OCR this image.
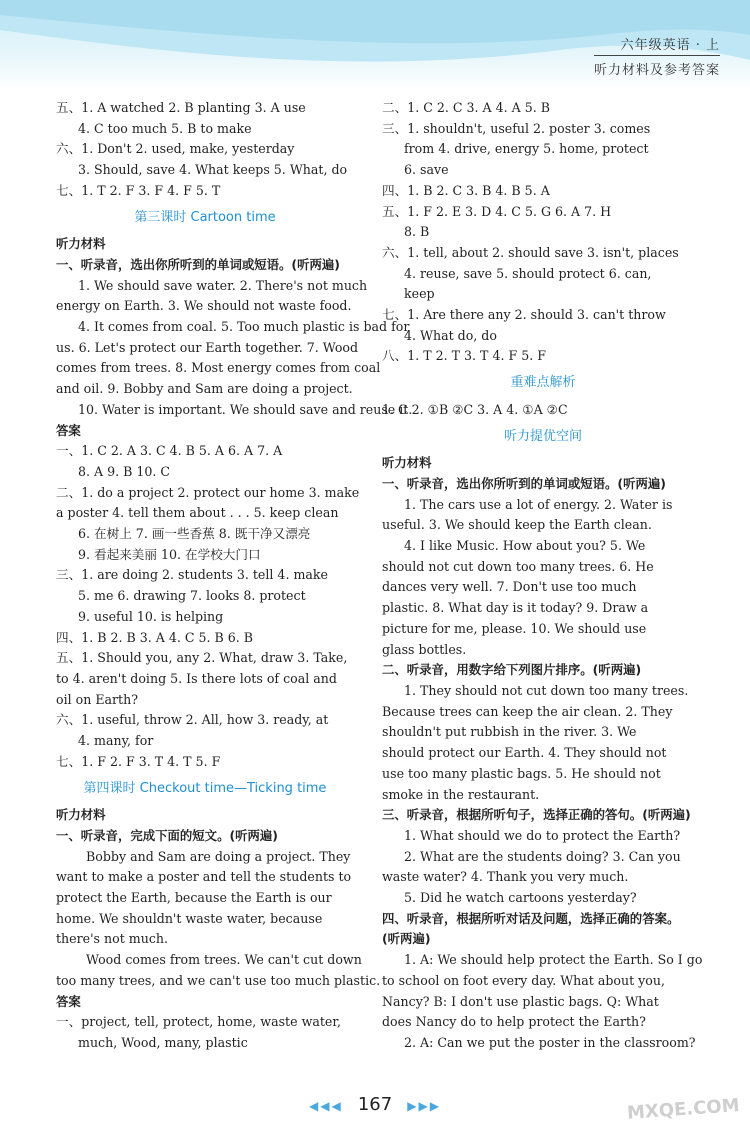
六年级英语 · 上
听力材料及参考答案
五、1. A watched 2. B planting 3. A use
4. C too much 5. B to make
六、1. Don't 2. used, make, yesterday
3. Should, save 4. What keeps 5. What, do
七、1. T 2. F 3. F 4. F 5. T
第三课时 Cartoon time
听力材料
一、听录音，选出你所听到的单词或短语。(听两遍)
1. We should save water. 2. There's not much
energy on Earth. 3. We should not waste food.
4. It comes from coal. 5. Too much plastic is bad for
us. 6. Let's protect our Earth together. 7. Wood
comes from trees. 8. Most energy comes from coal
and oil. 9. Bobby and Sam are doing a project.
10. Water is important. We should save and reuse it.
答案
一、1. C 2. A 3. C 4. B 5. A 6. A 7. A
8. A 9. B 10. C
二、1. do a project 2. protect our home 3. make
a poster 4. tell them about . . . 5. keep clean
6. 在树上 7. 画一些香蕉 8. 既干净又漂亮
9. 看起来美丽 10. 在学校大门口
三、1. are doing 2. students 3. tell 4. make
5. me 6. drawing 7. looks 8. protect
9. useful 10. is helping
四、1. B 2. B 3. A 4. C 5. B 6. B
五、1. Should you, any 2. What, draw 3. Take,
to 4. aren't doing 5. Is there lots of coal and
oil on Earth?
六、1. useful, throw 2. All, how 3. ready, at
4. many, for
七、1. F 2. F 3. T 4. T 5. F
第四课时 Checkout time—Ticking time
听力材料
一、听录音，完成下面的短文。(听两遍)
Bobby and Sam are doing a project. They
want to make a poster and tell the students to
protect the Earth, because the Earth is our
home. We shouldn't waste water, because
there's not much.
Wood comes from trees. We can't cut down
too many trees, and we can't use too much plastic.
答案
一、project, tell, protect, home, waste water,
much, Wood, many, plastic
二、1. C 2. C 3. A 4. A 5. B
三、1. shouldn't, useful 2. poster 3. comes
from 4. drive, energy 5. home, protect
6. save
四、1. B 2. C 3. B 4. B 5. A
五、1. F 2. E 3. D 4. C 5. G 6. A 7. H
8. B
六、1. tell, about 2. should save 3. isn't, places
4. reuse, save 5. should protect 6. can,
keep
七、1. Are there any 2. should 3. can't throw
4. What do, do
八、1. T 2. T 3. T 4. F 5. F
重难点解析
1. C 2. ①B ②C 3. A 4. ①A ②C
听力提优空间
听力材料
一、听录音，选出你所听到的单词或短语。(听两遍)
1. The cars use a lot of energy. 2. Water is
useful. 3. We should keep the Earth clean.
4. I like Music. How about you? 5. We
should not cut down too many trees. 6. He
dances very well. 7. Don't use too much
plastic. 8. What day is it today? 9. Draw a
picture for me, please. 10. We should use
glass bottles.
二、听录音，用数字给下列图片排序。(听两遍)
1. They should not cut down too many trees.
Because trees can keep the air clean. 2. They
shouldn't put rubbish in the river. 3. We
should protect our Earth. 4. They should not
use too many plastic bags. 5. He should not
smoke in the restaurant.
三、听录音，根据所听句子，选择正确的答句。(听两遍)
1. What should we do to protect the Earth?
2. What are the students doing? 3. Can you
waste water? 4. Thank you very much.
5. Did he watch cartoons yesterday?
四、听录音，根据所听对话及问题，选择正确的答案。
(听两遍)
1. A: We should help protect the Earth. So I go
to school on foot every day. What about you,
Nancy? B: I don't use plastic bags. Q: What
does Nancy do to help protect the Earth?
2. A: Can we put the poster in the classroom?
◀◀◀ 167 ▶▶▶	MXQE.COM
